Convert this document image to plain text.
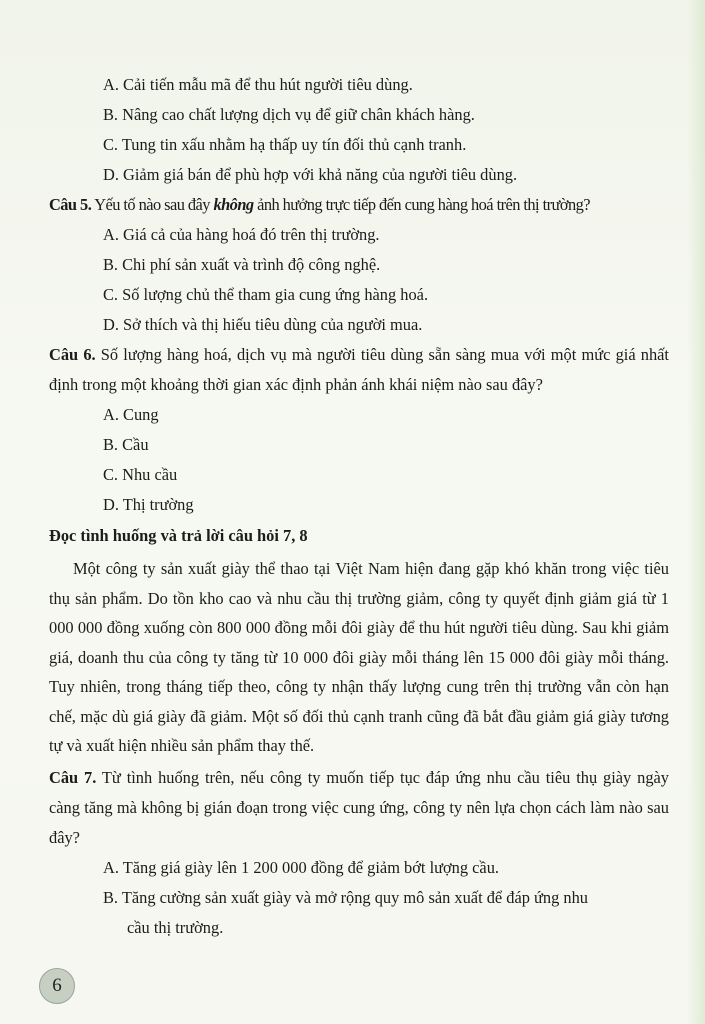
A. Cải tiến mẫu mã để thu hút người tiêu dùng.
B. Nâng cao chất lượng dịch vụ để giữ chân khách hàng.
C. Tung tin xấu nhằm hạ thấp uy tín đối thủ cạnh tranh.
D. Giảm giá bán để phù hợp với khả năng của người tiêu dùng.
Câu 5. Yếu tố nào sau đây không ảnh hưởng trực tiếp đến cung hàng hoá trên thị trường?
A. Giá cả của hàng hoá đó trên thị trường.
B. Chi phí sản xuất và trình độ công nghệ.
C. Số lượng chủ thể tham gia cung ứng hàng hoá.
D. Sở thích và thị hiếu tiêu dùng của người mua.
Câu 6. Số lượng hàng hoá, dịch vụ mà người tiêu dùng sẵn sàng mua với một mức giá nhất định trong một khoảng thời gian xác định phản ánh khái niệm nào sau đây?
A. Cung
B. Cầu
C. Nhu cầu
D. Thị trường
Đọc tình huống và trả lời câu hỏi 7, 8
Một công ty sản xuất giày thể thao tại Việt Nam hiện đang gặp khó khăn trong việc tiêu thụ sản phẩm. Do tồn kho cao và nhu cầu thị trường giảm, công ty quyết định giảm giá từ 1 000 000 đồng xuống còn 800 000 đồng mỗi đôi giày để thu hút người tiêu dùng. Sau khi giảm giá, doanh thu của công ty tăng từ 10 000 đôi giày mỗi tháng lên 15 000 đôi giày mỗi tháng. Tuy nhiên, trong tháng tiếp theo, công ty nhận thấy lượng cung trên thị trường vẫn còn hạn chế, mặc dù giá giày đã giảm. Một số đối thủ cạnh tranh cũng đã bắt đầu giảm giá giày tương tự và xuất hiện nhiều sản phẩm thay thế.
Câu 7. Từ tình huống trên, nếu công ty muốn tiếp tục đáp ứng nhu cầu tiêu thụ giày ngày càng tăng mà không bị gián đoạn trong việc cung ứng, công ty nên lựa chọn cách làm nào sau đây?
A. Tăng giá giày lên 1 200 000 đồng để giảm bớt lượng cầu.
B. Tăng cường sản xuất giày và mở rộng quy mô sản xuất để đáp ứng nhu
cầu thị trường.
6
